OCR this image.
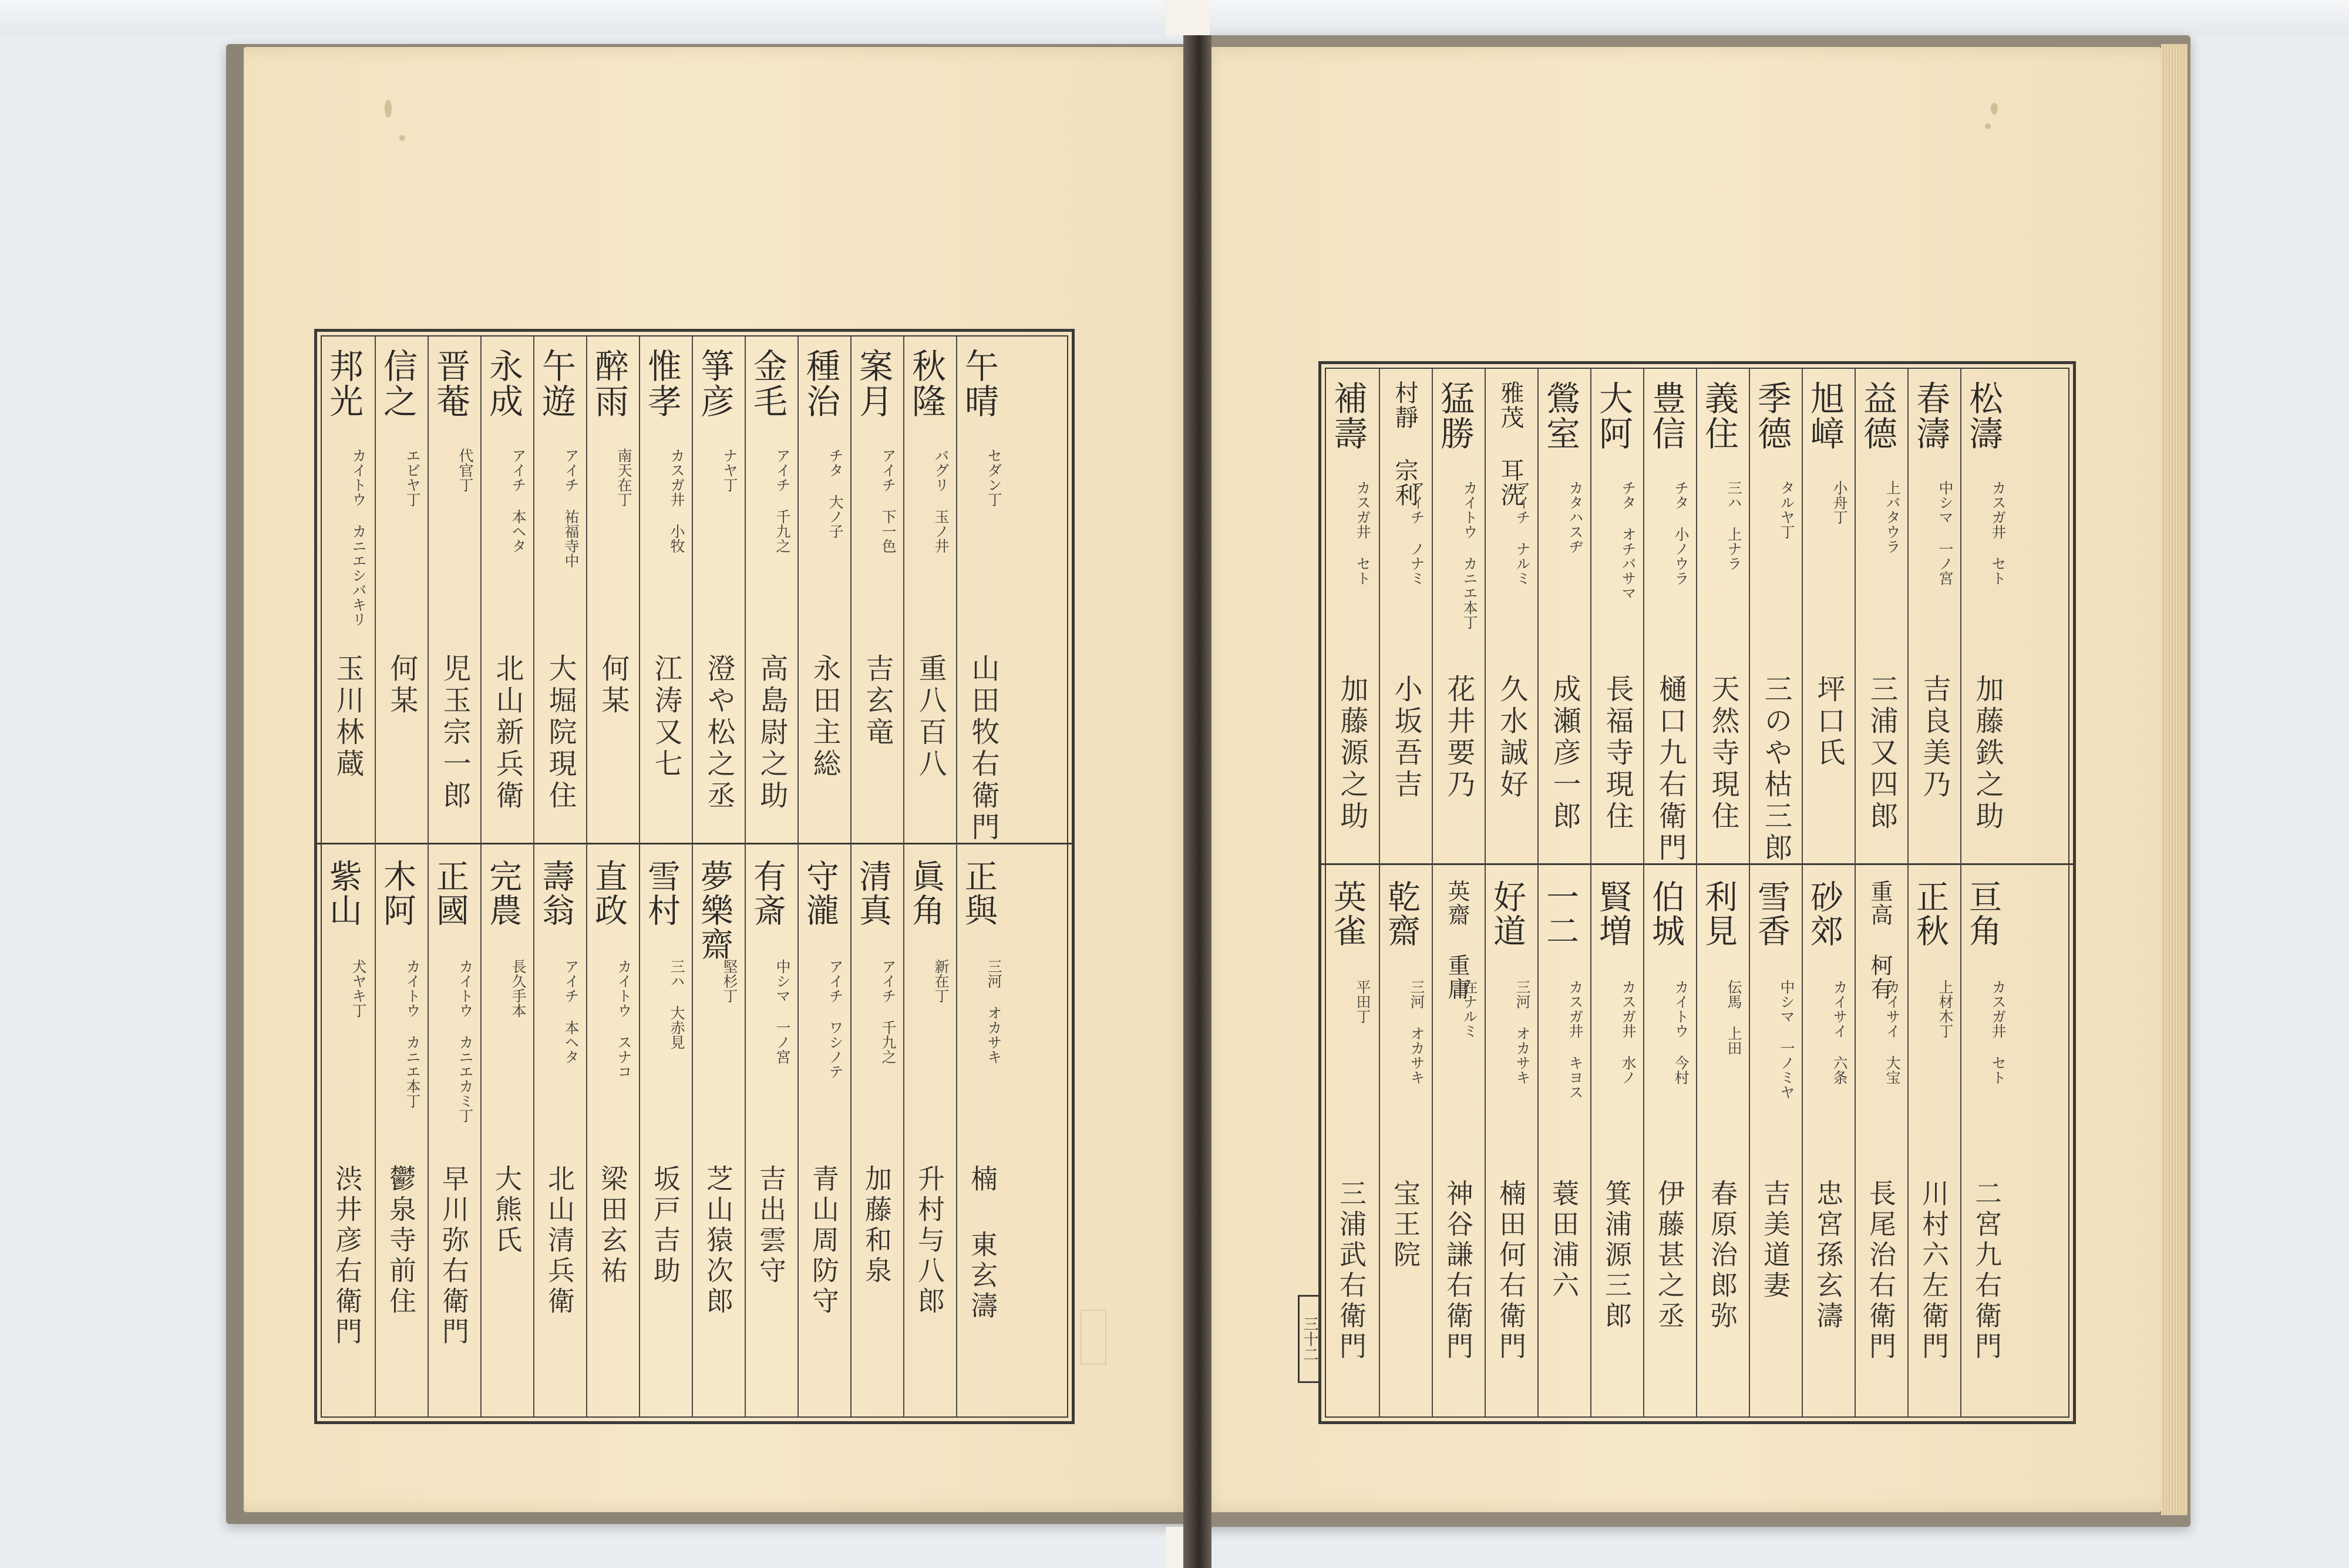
邦光
カイトウ カニエシバキリ
玉川林蔵
紫山
犬ヤキ丁
渋井彦右衛門
信之
エビヤ丁
何某
木阿
カイトウ カニエ本丁
鬱泉寺前住
晋菴
代官丁
児玉宗一郎
正國
カイトウ カニエカミ丁
早川弥右衛門
永成
アイチ 本ヘタ
北山新兵衛
完農
長久手本
大熊氏
午遊
アイチ 祐福寺中
大堀院現住
壽翁
アイチ 本ヘタ
北山清兵衛
醉雨
南天在丁
何某
直政
カイトウ スナコ
梁田玄祐
惟孝
カスガ井 小牧
江涛又七
雪村
三ハ 大赤見
坂戸吉助
箏彦
ナヤ丁
澄や松之丞
夢樂齋
堅杉丁
芝山猿次郎
金毛
アイチ 千九之
高島尉之助
有斎
中シマ 一ノ宮
吉出雲守
種治
チタ 大ノ子
永田主総
守瀧
アイチ ワシノテ
青山周防守
案月
アイチ 下一色
吉玄竜
清真
アイチ 千九之
加藤和泉
秋隆
バグリ 玉ノ井
重八百八
眞角
新在丁
升村与八郎
午晴
セダン丁
山田牧右衛門
正與
三河 オカサキ
楠 東玄濤
補壽
カスガ井 セト
加藤源之助
英雀
平田丁
三浦武右衛門
村靜 宗利
アイチ ノナミ
小坂吾吉
乾齋
三河 オカサキ
宝王院
猛勝
カイトウ カニエ本丁
花井要乃
英齋 重庸
在ナルミ
神谷謙右衛門
雅茂 耳洗
アイチ ナルミ
久水誠好
好道
三河 オカサキ
楠田何右衛門
鶯室
カタハスヂ
成瀬彦一郎
一二
カスガ井 キヨス
蓑田浦六
大阿
チタ オチバサマ
長福寺現住
賢増
カスガ井 水ノ
箕浦源三郎
豊信
チタ 小ノウラ
樋口九右衛門
伯城
カイトウ 今村
伊藤甚之丞
義住
三ハ 上ナラ
天然寺現住
利見
伝馬 上田
春原治郎弥
季德
タルヤ丁
三のや枯三郎
雪香
中シマ 一ノミヤ
吉美道妻
旭嶂
小舟丁
坪口氏
砂郊
カイサイ 六条
忠宮孫玄濤
益德
上バタウラ
三浦又四郎
重高 柯有
カイサイ 大宝
長尾治右衛門
春濤
中シマ 一ノ宮
吉良美乃
正秋
上材木丁
川村六左衛門
松濤
カスガ井 セト
加藤鉄之助
亘角
カスガ井 セト
二宮九右衛門
三十二
